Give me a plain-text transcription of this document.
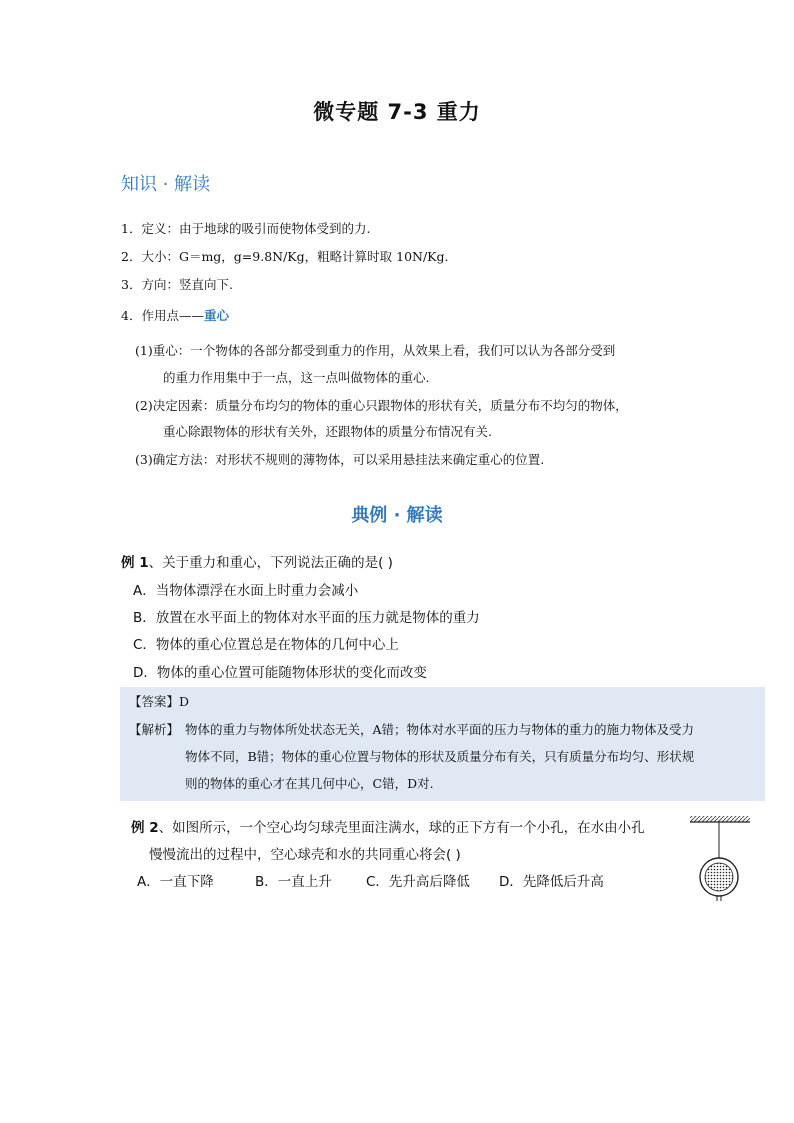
微专题 7-3 重力
知识 · 解读
1．定义：由于地球的吸引而使物体受到的力.
2．大小：G＝mg，g=9.8N/Kg，粗略计算时取 10N/Kg.
3．方向：竖直向下.
4．作用点——重心
(1)重心：一个物体的各部分都受到重力的作用，从效果上看，我们可以认为各部分受到
的重力作用集中于一点，这一点叫做物体的重心.
(2)决定因素：质量分布均匀的物体的重心只跟物体的形状有关，质量分布不均匀的物体，
重心除跟物体的形状有关外，还跟物体的质量分布情况有关.
(3)确定方法：对形状不规则的薄物体，可以采用悬挂法来确定重心的位置.
典例 · 解读
例 1、关于重力和重心，下列说法正确的是( )
A．当物体漂浮在水面上时重力会减小
B．放置在水平面上的物体对水平面的压力就是物体的重力
C．物体的重心位置总是在物体的几何中心上
D．物体的重心位置可能随物体形状的变化而改变
【答案】D
【解析】 物体的重力与物体所处状态无关，A错；物体对水平面的压力与物体的重力的施力物体及受力
物体不同，B错；物体的重心位置与物体的形状及质量分布有关，只有质量分布均匀、形状规
则的物体的重心才在其几何中心，C错，D对.
例 2、如图所示，一个空心均匀球壳里面注满水，球的正下方有一个小孔，在水由小孔
慢慢流出的过程中，空心球壳和水的共同重心将会( )
A．一直下降	B．一直上升	C．先升高后降低 D．先降低后升高
